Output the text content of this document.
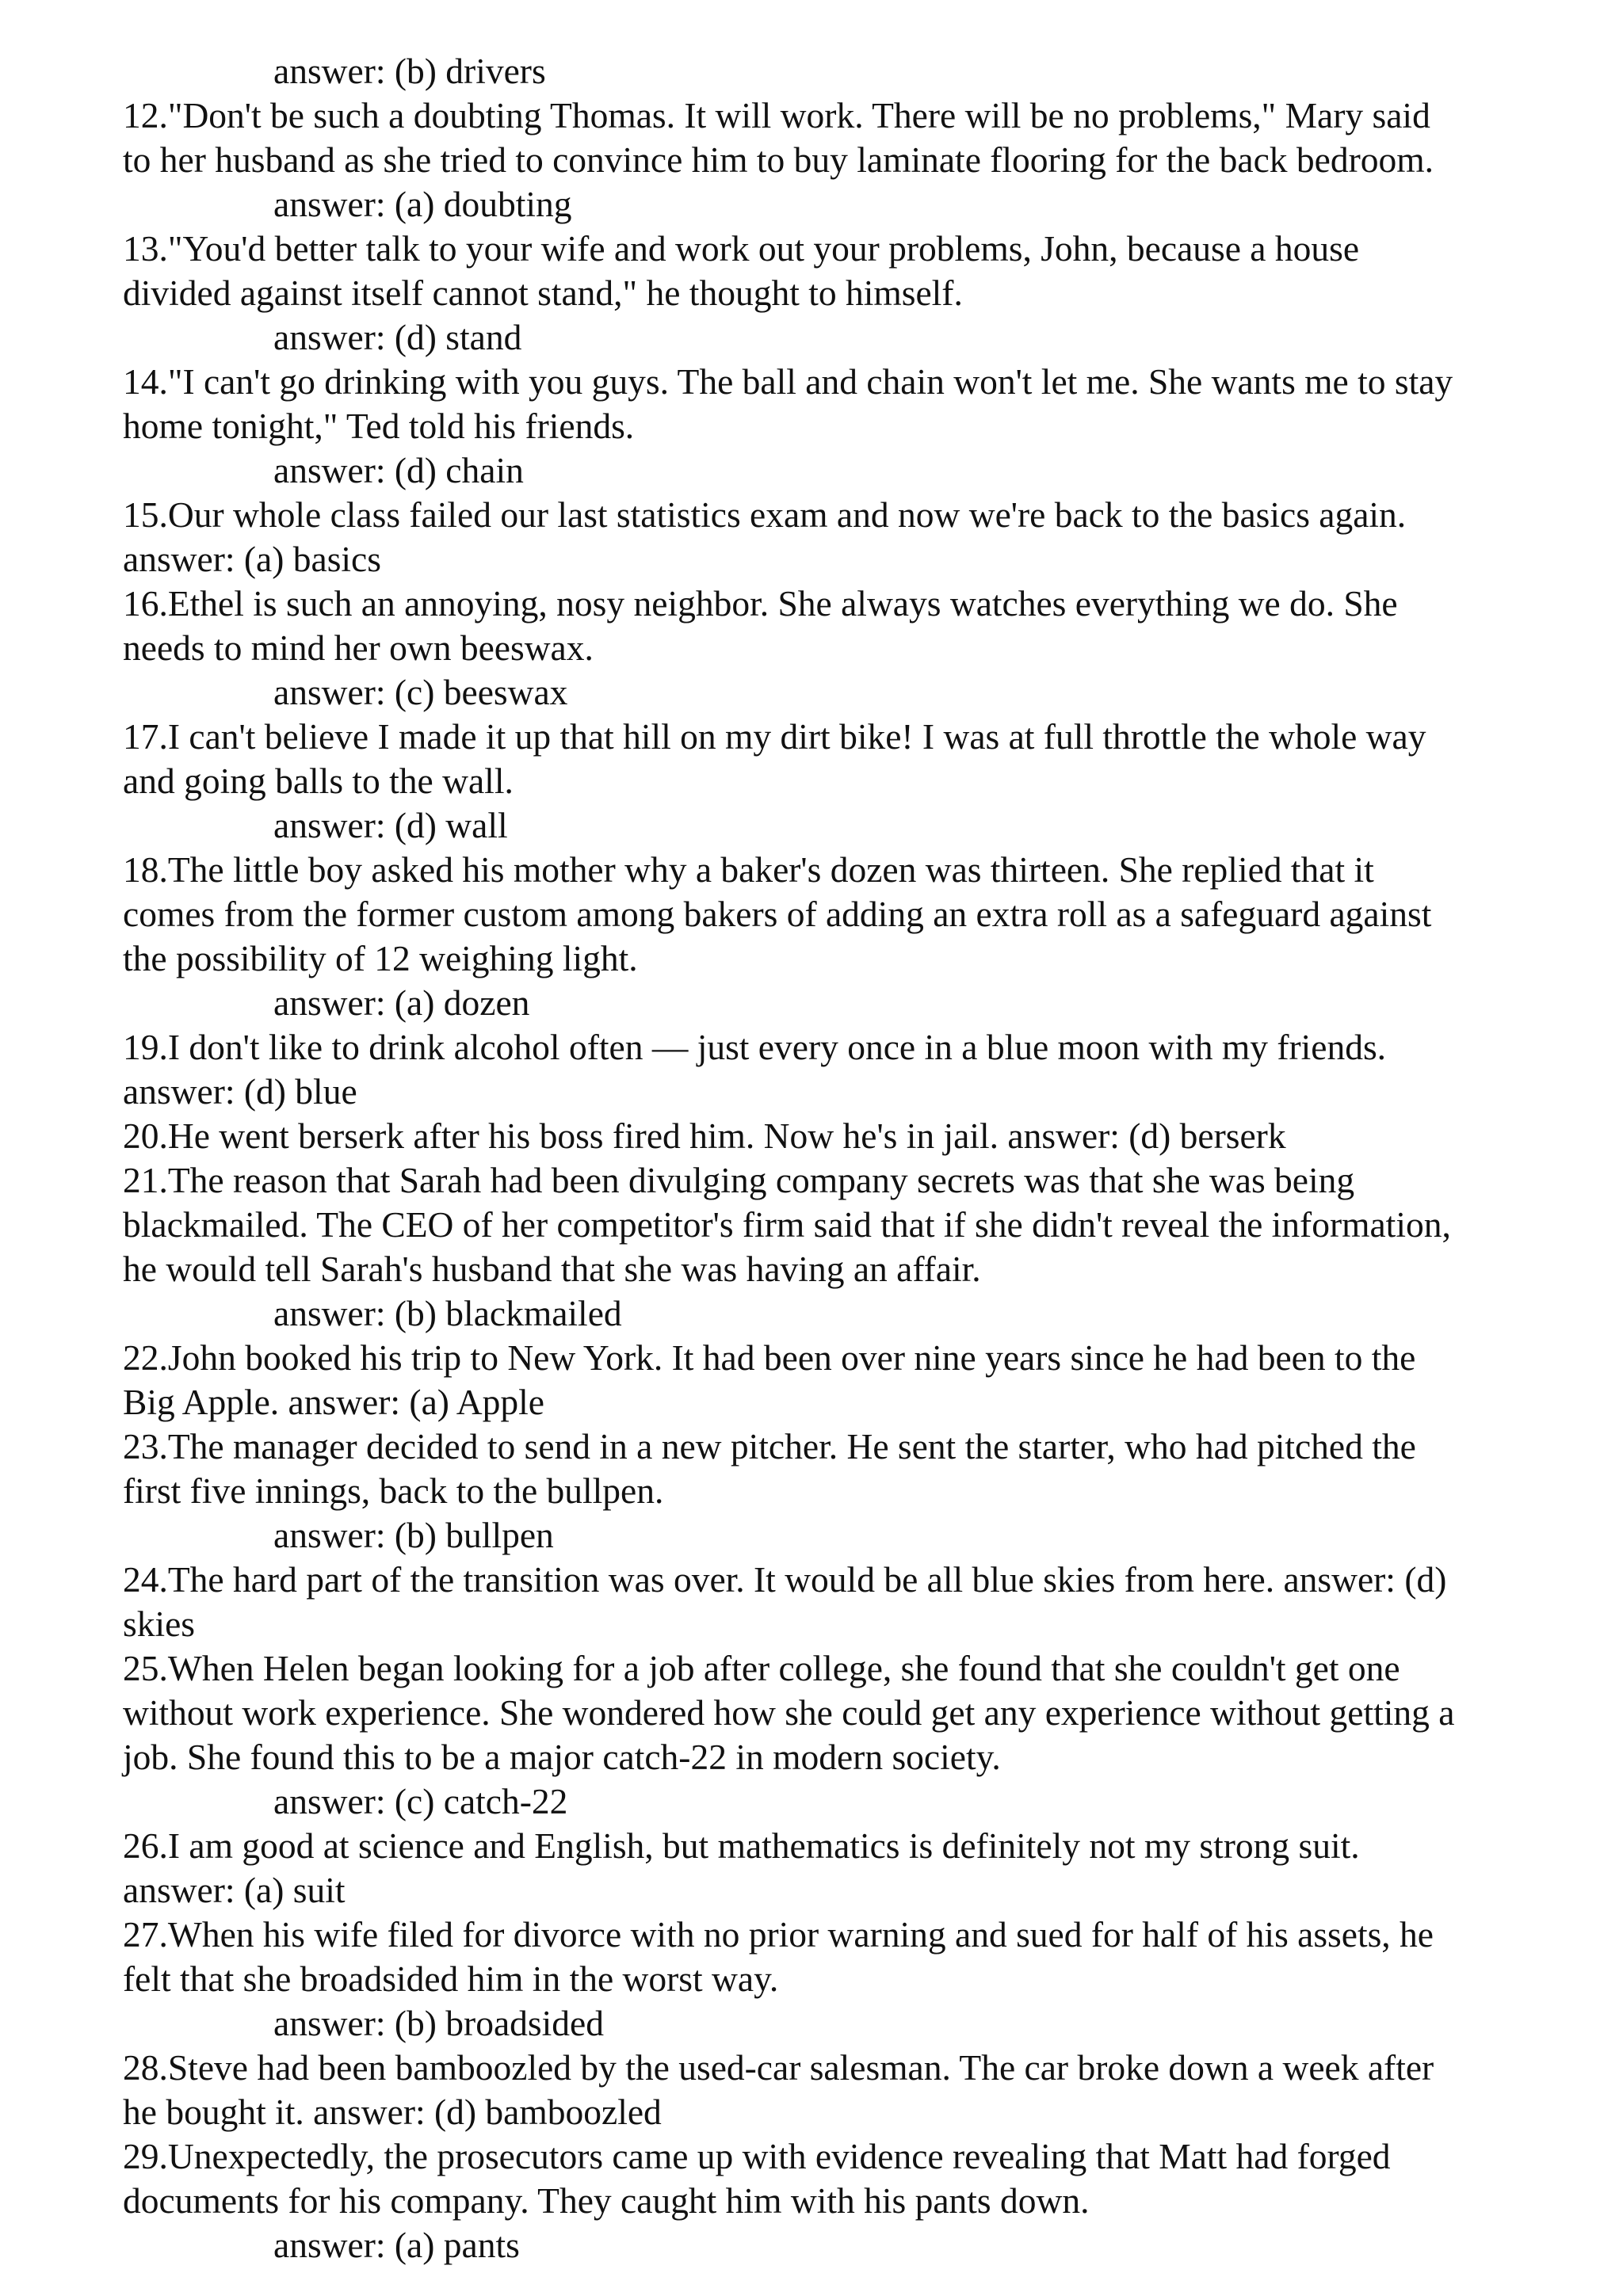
answer: (b) drivers
12."Don't be such a doubting Thomas. It will work. There will be no problems," Mary said
to her husband as she tried to convince him to buy laminate flooring for the back bedroom.
answer: (a) doubting
13."You'd better talk to your wife and work out your problems, John, because a house
divided against itself cannot stand," he thought to himself.
answer: (d) stand
14."I can't go drinking with you guys. The ball and chain won't let me. She wants me to stay
home tonight," Ted told his friends.
answer: (d) chain
15.Our whole class failed our last statistics exam and now we're back to the basics again.
answer: (a) basics
16.Ethel is such an annoying, nosy neighbor. She always watches everything we do. She
needs to mind her own beeswax.
answer: (c) beeswax
17.I can't believe I made it up that hill on my dirt bike! I was at full throttle the whole way
and going balls to the wall.
answer: (d) wall
18.The little boy asked his mother why a baker's dozen was thirteen. She replied that it
comes from the former custom among bakers of adding an extra roll as a safeguard against
the possibility of 12 weighing light.
answer: (a) dozen
19.I don't like to drink alcohol often — just every once in a blue moon with my friends.
answer: (d) blue
20.He went berserk after his boss fired him. Now he's in jail. answer: (d) berserk
21.The reason that Sarah had been divulging company secrets was that she was being
blackmailed. The CEO of her competitor's firm said that if she didn't reveal the information,
he would tell Sarah's husband that she was having an affair.
answer: (b) blackmailed
22.John booked his trip to New York. It had been over nine years since he had been to the
Big Apple. answer: (a) Apple
23.The manager decided to send in a new pitcher. He sent the starter, who had pitched the
first five innings, back to the bullpen.
answer: (b) bullpen
24.The hard part of the transition was over. It would be all blue skies from here. answer: (d)
skies
25.When Helen began looking for a job after college, she found that she couldn't get one
without work experience. She wondered how she could get any experience without getting a
job. She found this to be a major catch-22 in modern society.
answer: (c) catch-22
26.I am good at science and English, but mathematics is definitely not my strong suit.
answer: (a) suit
27.When his wife filed for divorce with no prior warning and sued for half of his assets, he
felt that she broadsided him in the worst way.
answer: (b) broadsided
28.Steve had been bamboozled by the used-car salesman. The car broke down a week after
he bought it. answer: (d) bamboozled
29.Unexpectedly, the prosecutors came up with evidence revealing that Matt had forged
documents for his company. They caught him with his pants down.
answer: (a) pants
